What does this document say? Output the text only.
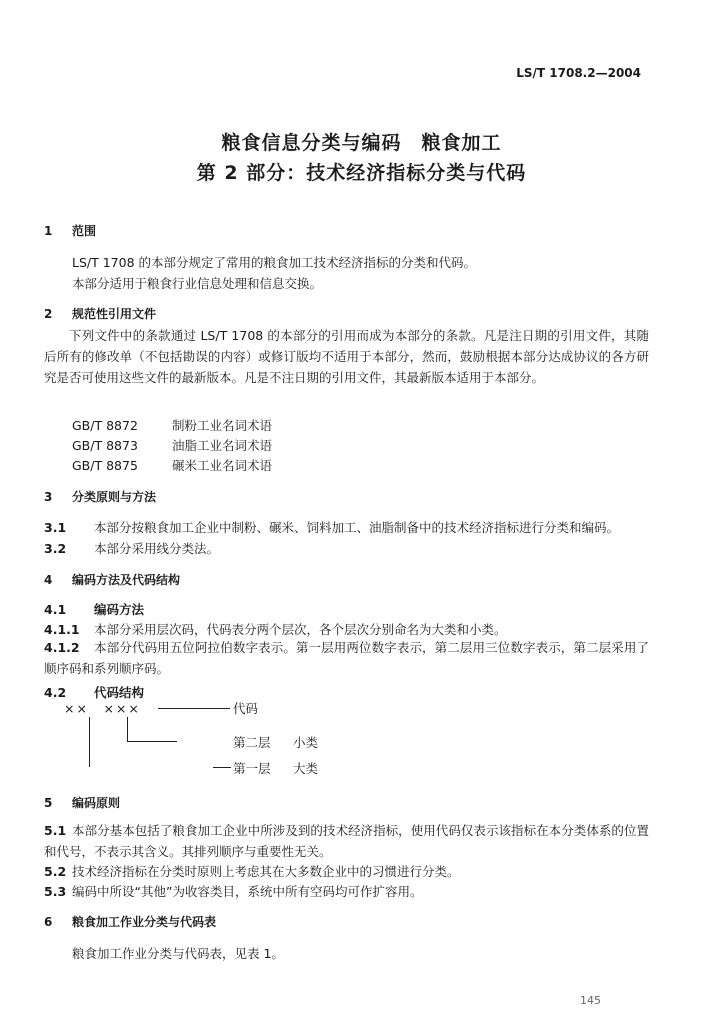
LS/T 1708.2—2004
粮食信息分类与编码　粮食加工
第 2 部分：技术经济指标分类与代码
1 范围
LS/T 1708 的本部分规定了常用的粮食加工技术经济指标的分类和代码。
本部分适用于粮食行业信息处理和信息交换。
2 规范性引用文件
下列文件中的条款通过 LS/T 1708 的本部分的引用而成为本部分的条款。凡是注日期的引用文件，其随后所有的修改单（不包括勘误的内容）或修订版均不适用于本部分，然而，鼓励根据本部分达成协议的各方研究是否可使用这些文件的最新版本。凡是不注日期的引用文件，其最新版本适用于本部分。
GB/T 8872	制粉工业名词术语
GB/T 8873	油脂工业名词术语
GB/T 8875	碾米工业名词术语
3 分类原则与方法
3.1 本部分按粮食加工企业中制粉、碾米、饲料加工、油脂制备中的技术经济指标进行分类和编码。
3.2 本部分采用线分类法。
4 编码方法及代码结构
4.1 编码方法
4.1.1 本部分采用层次码，代码表分两个层次，各个层次分别命名为大类和小类。
4.1.2 本部分代码用五位阿拉伯数字表示。第一层用两位数字表示，第二层用三位数字表示，第二层采用了顺序码和系列顺序码。
4.2 代码结构
××　×××	代码
第二层 小类
第一层 大类
5 编码原则
5.1 本部分基本包括了粮食加工企业中所涉及到的技术经济指标，使用代码仅表示该指标在本分类体系的位置和代号，不表示其含义。其排列顺序与重要性无关。
5.2 技术经济指标在分类时原则上考虑其在大多数企业中的习惯进行分类。
5.3 编码中所设“其他”为收容类目，系统中所有空码均可作扩容用。
6 粮食加工作业分类与代码表
粮食加工作业分类与代码表，见表 1。
145
